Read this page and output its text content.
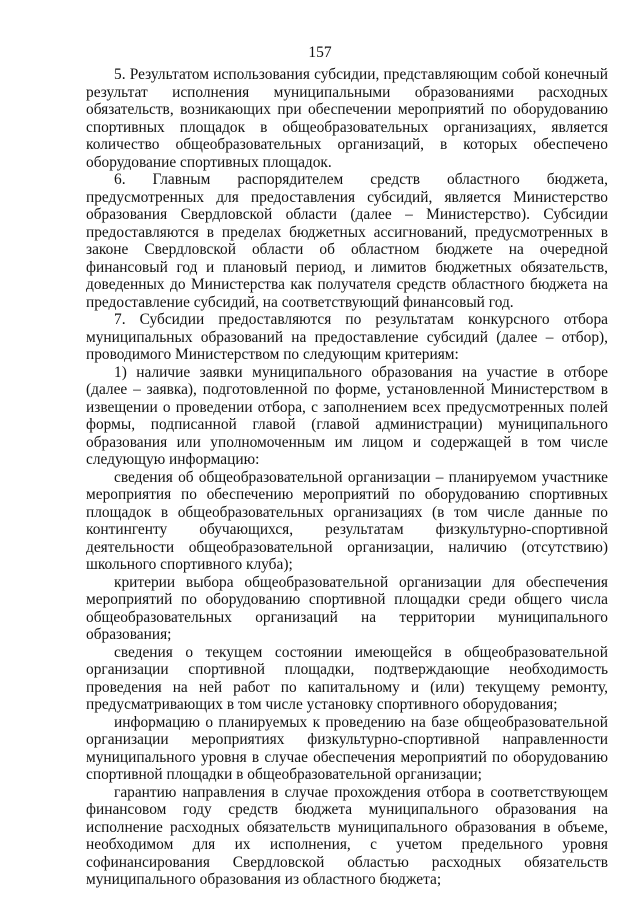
157

5. Результатом использования субсидии, представляющим собой конечный результат исполнения муниципальными образованиями расходных обязательств, возникающих при обеспечении мероприятий по оборудованию спортивных площадок в общеобразовательных организациях, является количество общеобразовательных организаций, в которых обеспечено оборудование спортивных площадок.

6. Главным распорядителем средств областного бюджета, предусмотренных для предоставления субсидий, является Министерство образования Свердловской области (далее – Министерство). Субсидии предоставляются в пределах бюджетных ассигнований, предусмотренных в законе Свердловской области об областном бюджете на очередной финансовый год и плановый период, и лимитов бюджетных обязательств, доведенных до Министерства как получателя средств областного бюджета на предоставление субсидий, на соответствующий финансовый год.

7. Субсидии предоставляются по результатам конкурсного отбора муниципальных образований на предоставление субсидий (далее – отбор), проводимого Министерством по следующим критериям:

1) наличие заявки муниципального образования на участие в отборе (далее – заявка), подготовленной по форме, установленной Министерством в извещении о проведении отбора, с заполнением всех предусмотренных полей формы, подписанной главой (главой администрации) муниципального образования или уполномоченным им лицом и содержащей в том числе следующую информацию:

сведения об общеобразовательной организации – планируемом участнике мероприятия по обеспечению мероприятий по оборудованию спортивных площадок в общеобразовательных организациях (в том числе данные по контингенту обучающихся, результатам физкультурно-спортивной деятельности общеобразовательной организации, наличию (отсутствию) школьного спортивного клуба);

критерии выбора общеобразовательной организации для обеспечения мероприятий по оборудованию спортивной площадки среди общего числа общеобразовательных организаций на территории муниципального образования;

сведения о текущем состоянии имеющейся в общеобразовательной организации спортивной площадки, подтверждающие необходимость проведения на ней работ по капитальному и (или) текущему ремонту, предусматривающих в том числе установку спортивного оборудования;

информацию о планируемых к проведению на базе общеобразовательной организации мероприятиях физкультурно-спортивной направленности муниципального уровня в случае обеспечения мероприятий по оборудованию спортивной площадки в общеобразовательной организации;

гарантию направления в случае прохождения отбора в соответствующем финансовом году средств бюджета муниципального образования на исполнение расходных обязательств муниципального образования в объеме, необходимом для их исполнения, с учетом предельного уровня софинансирования Свердловской областью расходных обязательств муниципального образования из областного бюджета;
